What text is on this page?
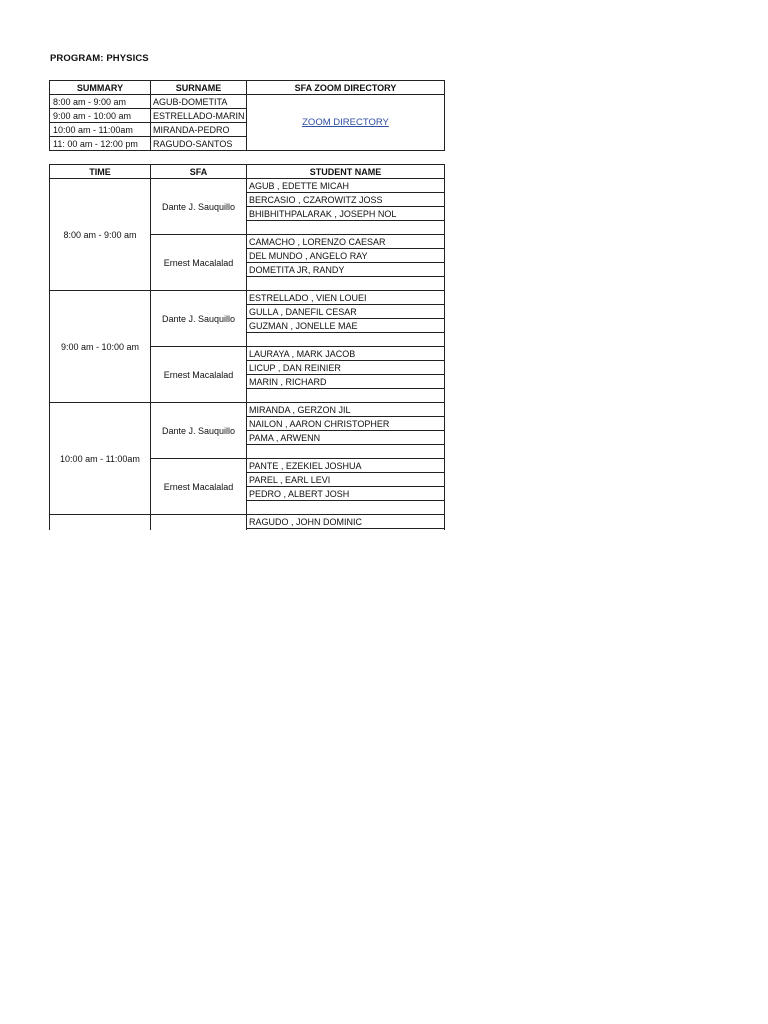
PROGRAM: PHYSICS
SUMMARY	SURNAME	SFA ZOOM DIRECTORY
8:00 am - 9:00 am	AGUB-DOMETITA	ZOOM DIRECTORY
9:00 am - 10:00 am	ESTRELLADO-MARIN	
10:00 am - 11:00am	MIRANDA-PEDRO	
11: 00 am - 12:00 pm	RAGUDO-SANTOS	
TIME	SFA	STUDENT NAME
8:00 am - 9:00 am	Dante J. Sauquillo	AGUB , EDETTE MICAH
		BERCASIO , CZAROWITZ JOSS
		BHIBHITHPALARAK , JOSEPH NOL

	Ernest Macalalad	CAMACHO , LORENZO CAESAR
		DEL MUNDO , ANGELO RAY
		DOMETITA JR, RANDY

9:00 am - 10:00 am	Dante J. Sauquillo	ESTRELLADO , VIEN LOUEI
		GULLA , DANEFIL CESAR
		GUZMAN , JONELLE MAE

	Ernest Macalalad	LAURAYA , MARK JACOB
		LICUP , DAN REINIER
		MARIN , RICHARD

10:00 am - 11:00am	Dante J. Sauquillo	MIRANDA , GERZON JIL
		NAILON , AARON CHRISTOPHER
		PAMA , ARWENN

	Ernest Macalalad	PANTE , EZEKIEL JOSHUA
		PAREL , EARL LEVI
		PEDRO , ALBERT JOSH

		RAGUDO , JOHN DOMINIC
